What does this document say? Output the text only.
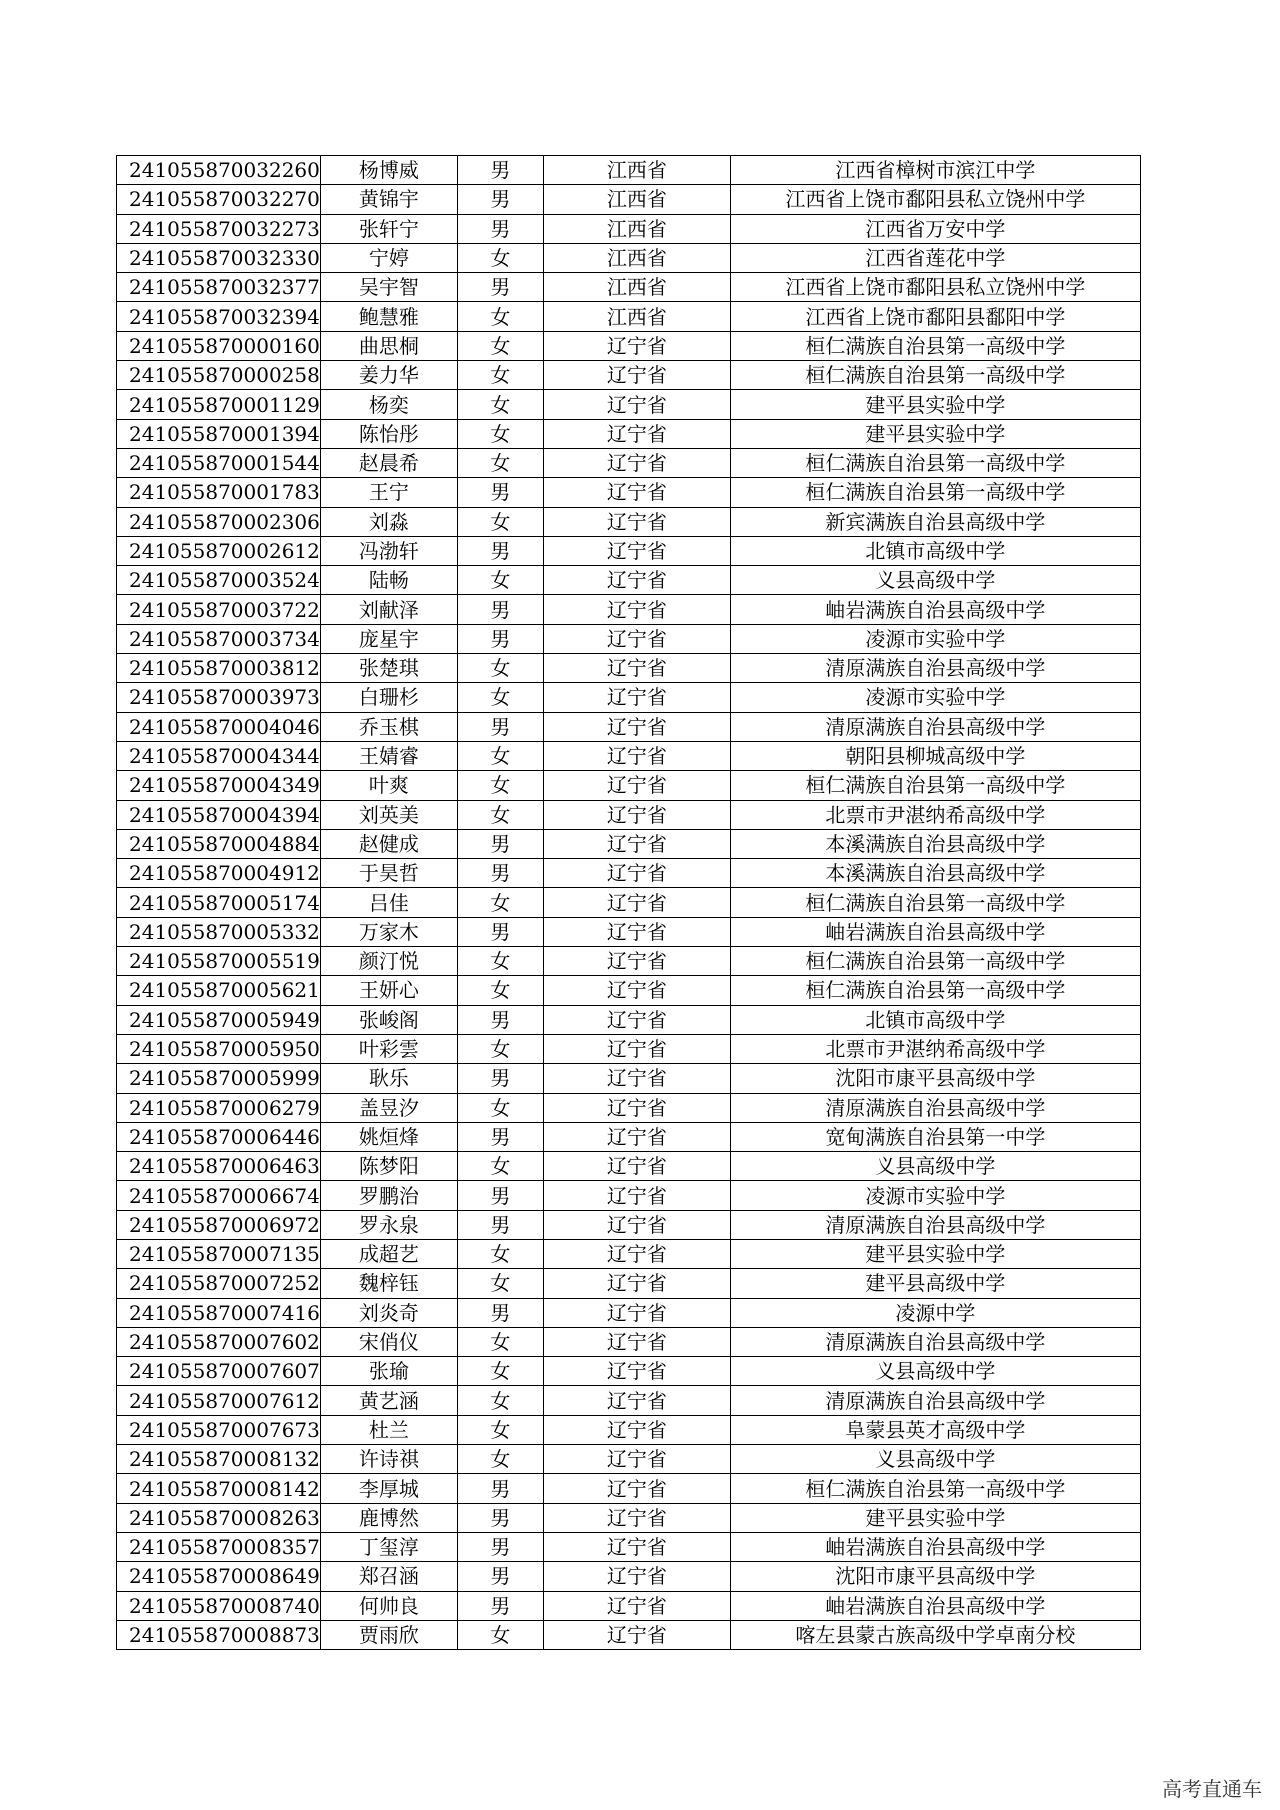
241055870032260	杨博威	男	江西省	江西省樟树市滨江中学
241055870032270	黄锦宇	男	江西省	江西省上饶市鄱阳县私立饶州中学
241055870032273	张轩宁	男	江西省	江西省万安中学
241055870032330	宁婷	女	江西省	江西省莲花中学
241055870032377	吴宇智	男	江西省	江西省上饶市鄱阳县私立饶州中学
241055870032394	鲍慧雅	女	江西省	江西省上饶市鄱阳县鄱阳中学
241055870000160	曲思桐	女	辽宁省	桓仁满族自治县第一高级中学
241055870000258	姜力华	女	辽宁省	桓仁满族自治县第一高级中学
241055870001129	杨奕	女	辽宁省	建平县实验中学
241055870001394	陈怡彤	女	辽宁省	建平县实验中学
241055870001544	赵晨希	女	辽宁省	桓仁满族自治县第一高级中学
241055870001783	王宁	男	辽宁省	桓仁满族自治县第一高级中学
241055870002306	刘淼	女	辽宁省	新宾满族自治县高级中学
241055870002612	冯渤轩	男	辽宁省	北镇市高级中学
241055870003524	陆畅	女	辽宁省	义县高级中学
241055870003722	刘献泽	男	辽宁省	岫岩满族自治县高级中学
241055870003734	庞星宇	男	辽宁省	凌源市实验中学
241055870003812	张楚琪	女	辽宁省	清原满族自治县高级中学
241055870003973	白珊杉	女	辽宁省	凌源市实验中学
241055870004046	乔玉棋	男	辽宁省	清原满族自治县高级中学
241055870004344	王婧睿	女	辽宁省	朝阳县柳城高级中学
241055870004349	叶爽	女	辽宁省	桓仁满族自治县第一高级中学
241055870004394	刘英美	女	辽宁省	北票市尹湛纳希高级中学
241055870004884	赵健成	男	辽宁省	本溪满族自治县高级中学
241055870004912	于昊哲	男	辽宁省	本溪满族自治县高级中学
241055870005174	吕佳	女	辽宁省	桓仁满族自治县第一高级中学
241055870005332	万家木	男	辽宁省	岫岩满族自治县高级中学
241055870005519	颜汀悦	女	辽宁省	桓仁满族自治县第一高级中学
241055870005621	王妍心	女	辽宁省	桓仁满族自治县第一高级中学
241055870005949	张峻阁	男	辽宁省	北镇市高级中学
241055870005950	叶彩雲	女	辽宁省	北票市尹湛纳希高级中学
241055870005999	耿乐	男	辽宁省	沈阳市康平县高级中学
241055870006279	盖昱汐	女	辽宁省	清原满族自治县高级中学
241055870006446	姚烜烽	男	辽宁省	宽甸满族自治县第一中学
241055870006463	陈梦阳	女	辽宁省	义县高级中学
241055870006674	罗鹏治	男	辽宁省	凌源市实验中学
241055870006972	罗永泉	男	辽宁省	清原满族自治县高级中学
241055870007135	成超艺	女	辽宁省	建平县实验中学
241055870007252	魏梓钰	女	辽宁省	建平县高级中学
241055870007416	刘炎奇	男	辽宁省	凌源中学
241055870007602	宋俏仪	女	辽宁省	清原满族自治县高级中学
241055870007607	张瑜	女	辽宁省	义县高级中学
241055870007612	黄艺涵	女	辽宁省	清原满族自治县高级中学
241055870007673	杜兰	女	辽宁省	阜蒙县英才高级中学
241055870008132	许诗祺	女	辽宁省	义县高级中学
241055870008142	李厚城	男	辽宁省	桓仁满族自治县第一高级中学
241055870008263	鹿博然	男	辽宁省	建平县实验中学
241055870008357	丁玺淳	男	辽宁省	岫岩满族自治县高级中学
241055870008649	郑召涵	男	辽宁省	沈阳市康平县高级中学
241055870008740	何帅良	男	辽宁省	岫岩满族自治县高级中学
241055870008873	贾雨欣	女	辽宁省	喀左县蒙古族高级中学卓南分校
高考直通车
